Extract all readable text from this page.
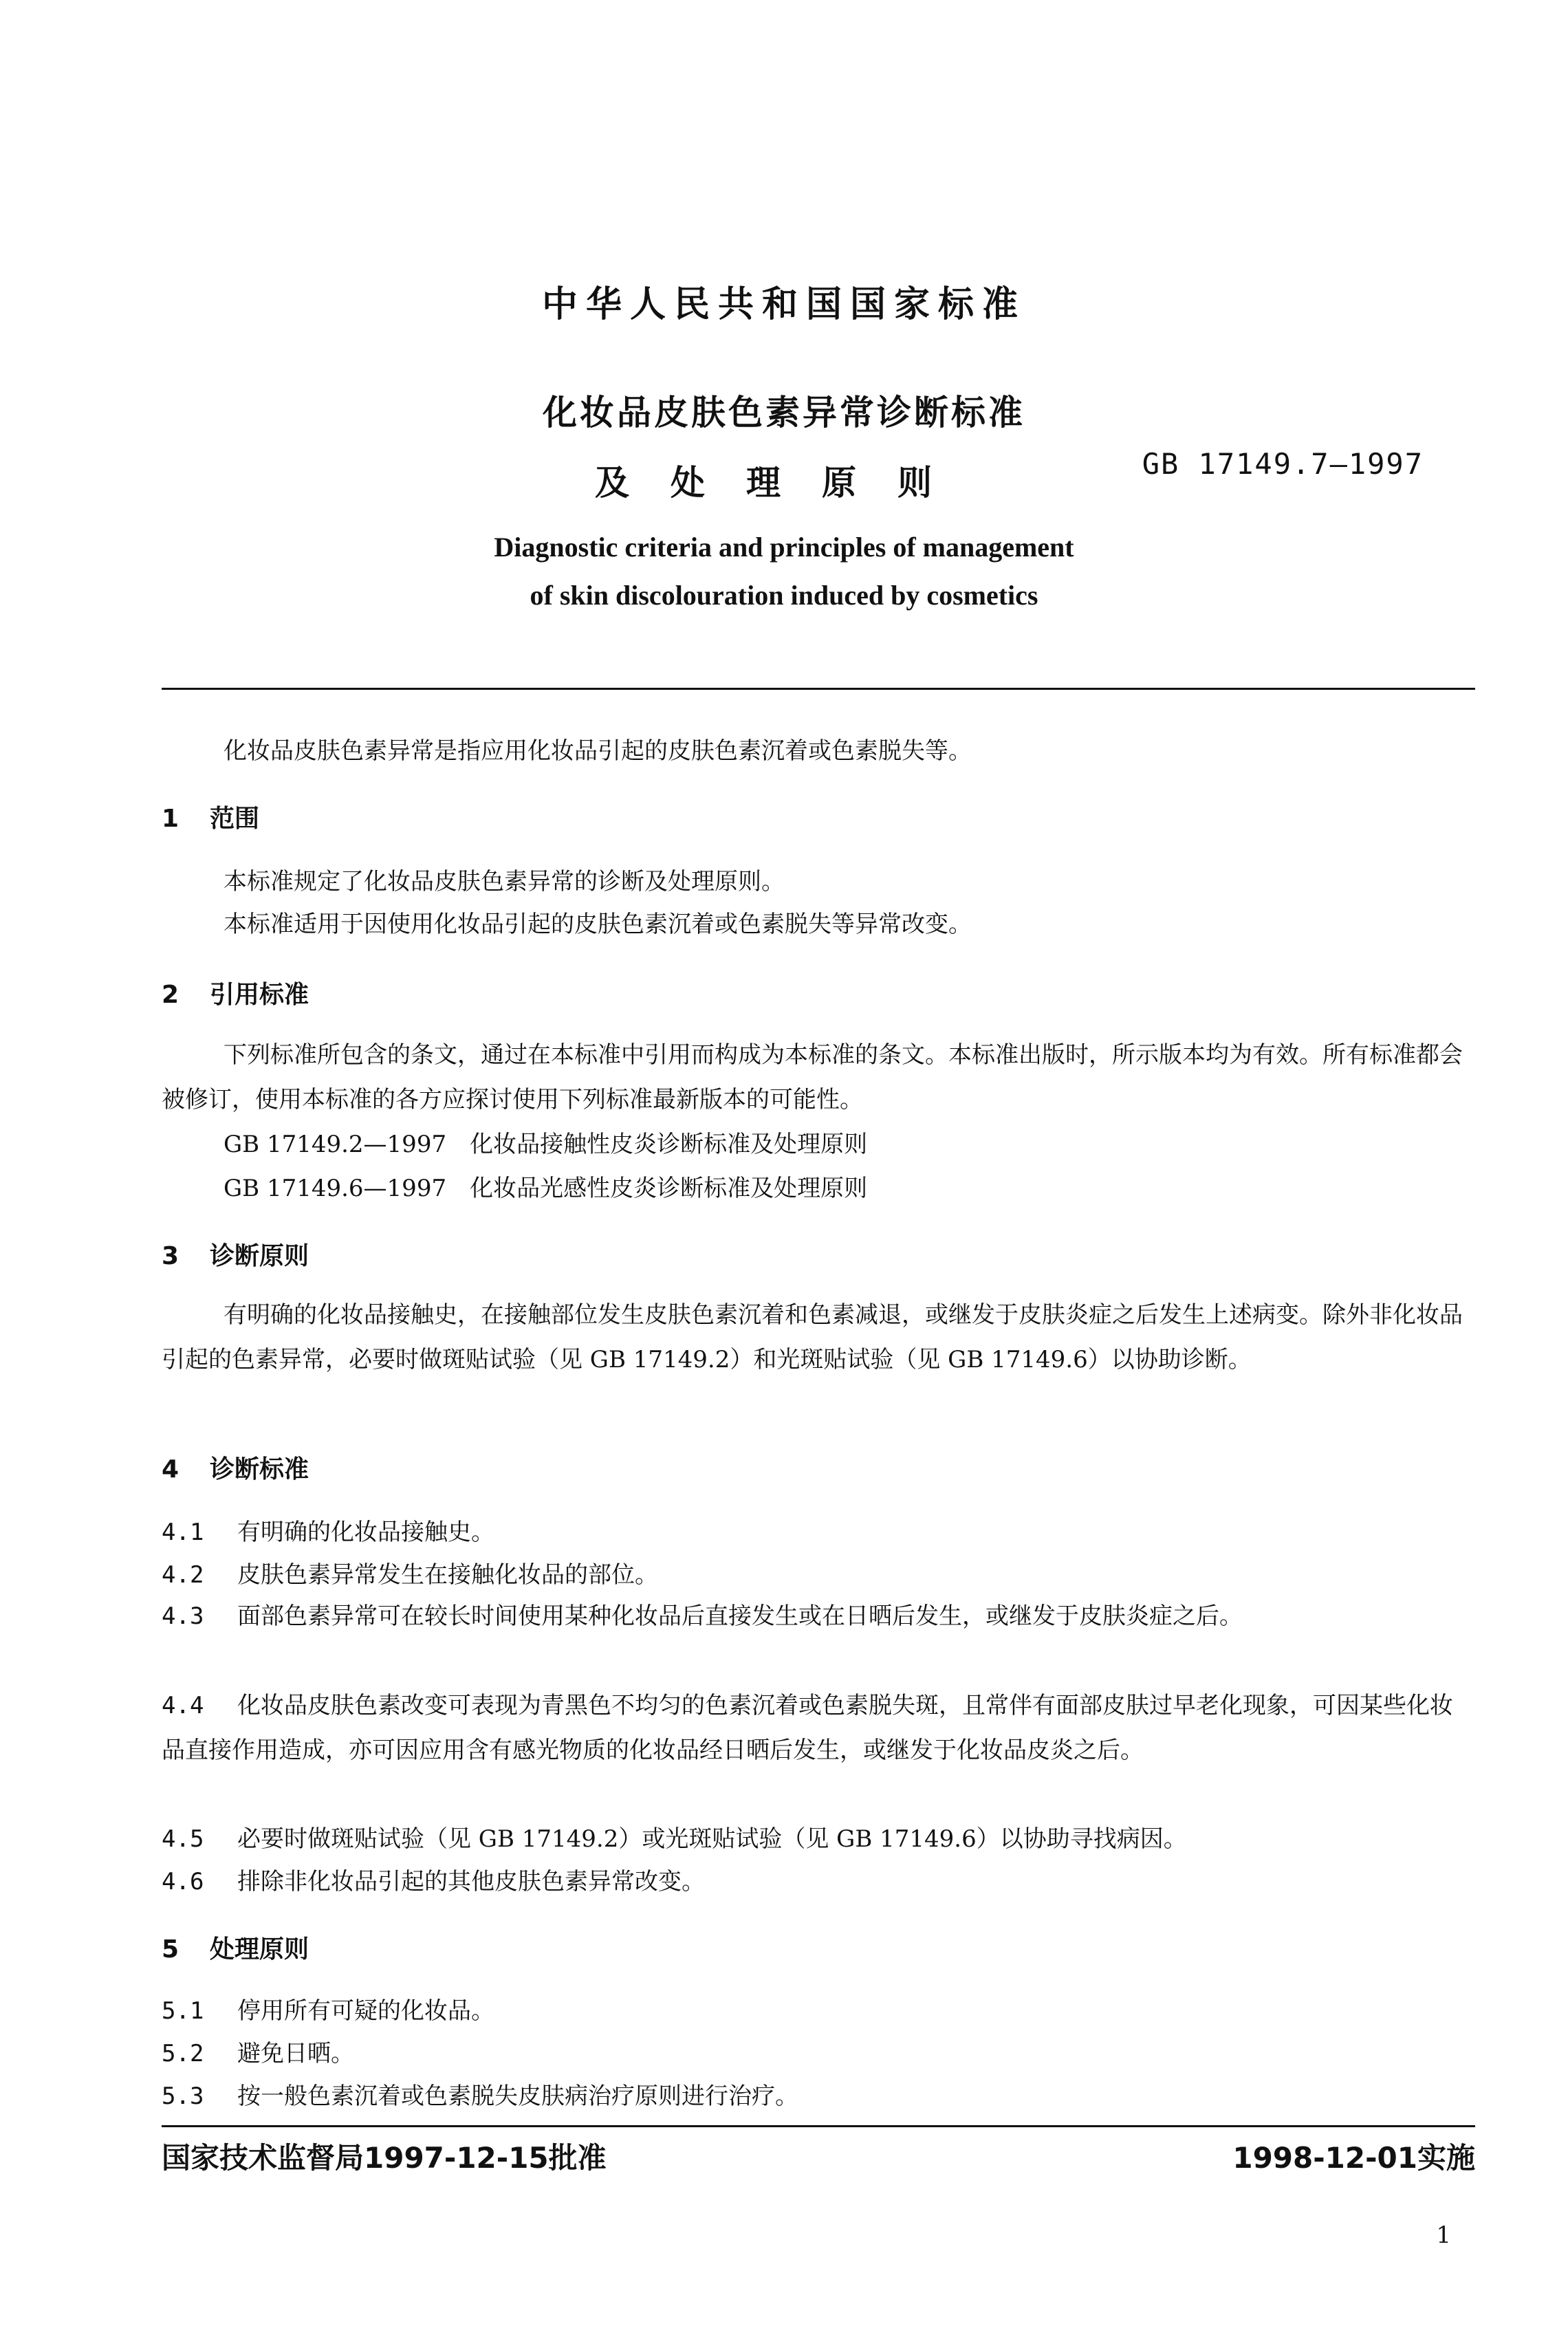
中华人民共和国国家标准
化妆品皮肤色素异常诊断标准
及处理原则	GB 17149.7—1997
Diagnostic criteria and principles of management
of skin discolouration induced by cosmetics
化妆品皮肤色素异常是指应用化妆品引起的皮肤色素沉着或色素脱失等。
1 范围
本标准规定了化妆品皮肤色素异常的诊断及处理原则。
本标准适用于因使用化妆品引起的皮肤色素沉着或色素脱失等异常改变。
2 引用标准
下列标准所包含的条文，通过在本标准中引用而构成为本标准的条文。本标准出版时，所示版本均为有效。所有标准都会被修订，使用本标准的各方应探讨使用下列标准最新版本的可能性。
GB 17149.2—1997　化妆品接触性皮炎诊断标准及处理原则
GB 17149.6—1997　化妆品光感性皮炎诊断标准及处理原则
3 诊断原则
有明确的化妆品接触史，在接触部位发生皮肤色素沉着和色素减退，或继发于皮肤炎症之后发生上述病变。除外非化妆品引起的色素异常，必要时做斑贴试验（见 GB 17149.2）和光斑贴试验（见 GB 17149.6）以协助诊断。
4 诊断标准
4.1 有明确的化妆品接触史。
4.2 皮肤色素异常发生在接触化妆品的部位。
4.3 面部色素异常可在较长时间使用某种化妆品后直接发生或在日晒后发生，或继发于皮肤炎症之后。
4.4 化妆品皮肤色素改变可表现为青黑色不均匀的色素沉着或色素脱失斑，且常伴有面部皮肤过早老化现象，可因某些化妆品直接作用造成，亦可因应用含有感光物质的化妆品经日晒后发生，或继发于化妆品皮炎之后。
4.5 必要时做斑贴试验（见 GB 17149.2）或光斑贴试验（见 GB 17149.6）以协助寻找病因。
4.6 排除非化妆品引起的其他皮肤色素异常改变。
5 处理原则
5.1 停用所有可疑的化妆品。
5.2 避免日晒。
5.3 按一般色素沉着或色素脱失皮肤病治疗原则进行治疗。
国家技术监督局1997-12-15批准	1998-12-01实施
1
